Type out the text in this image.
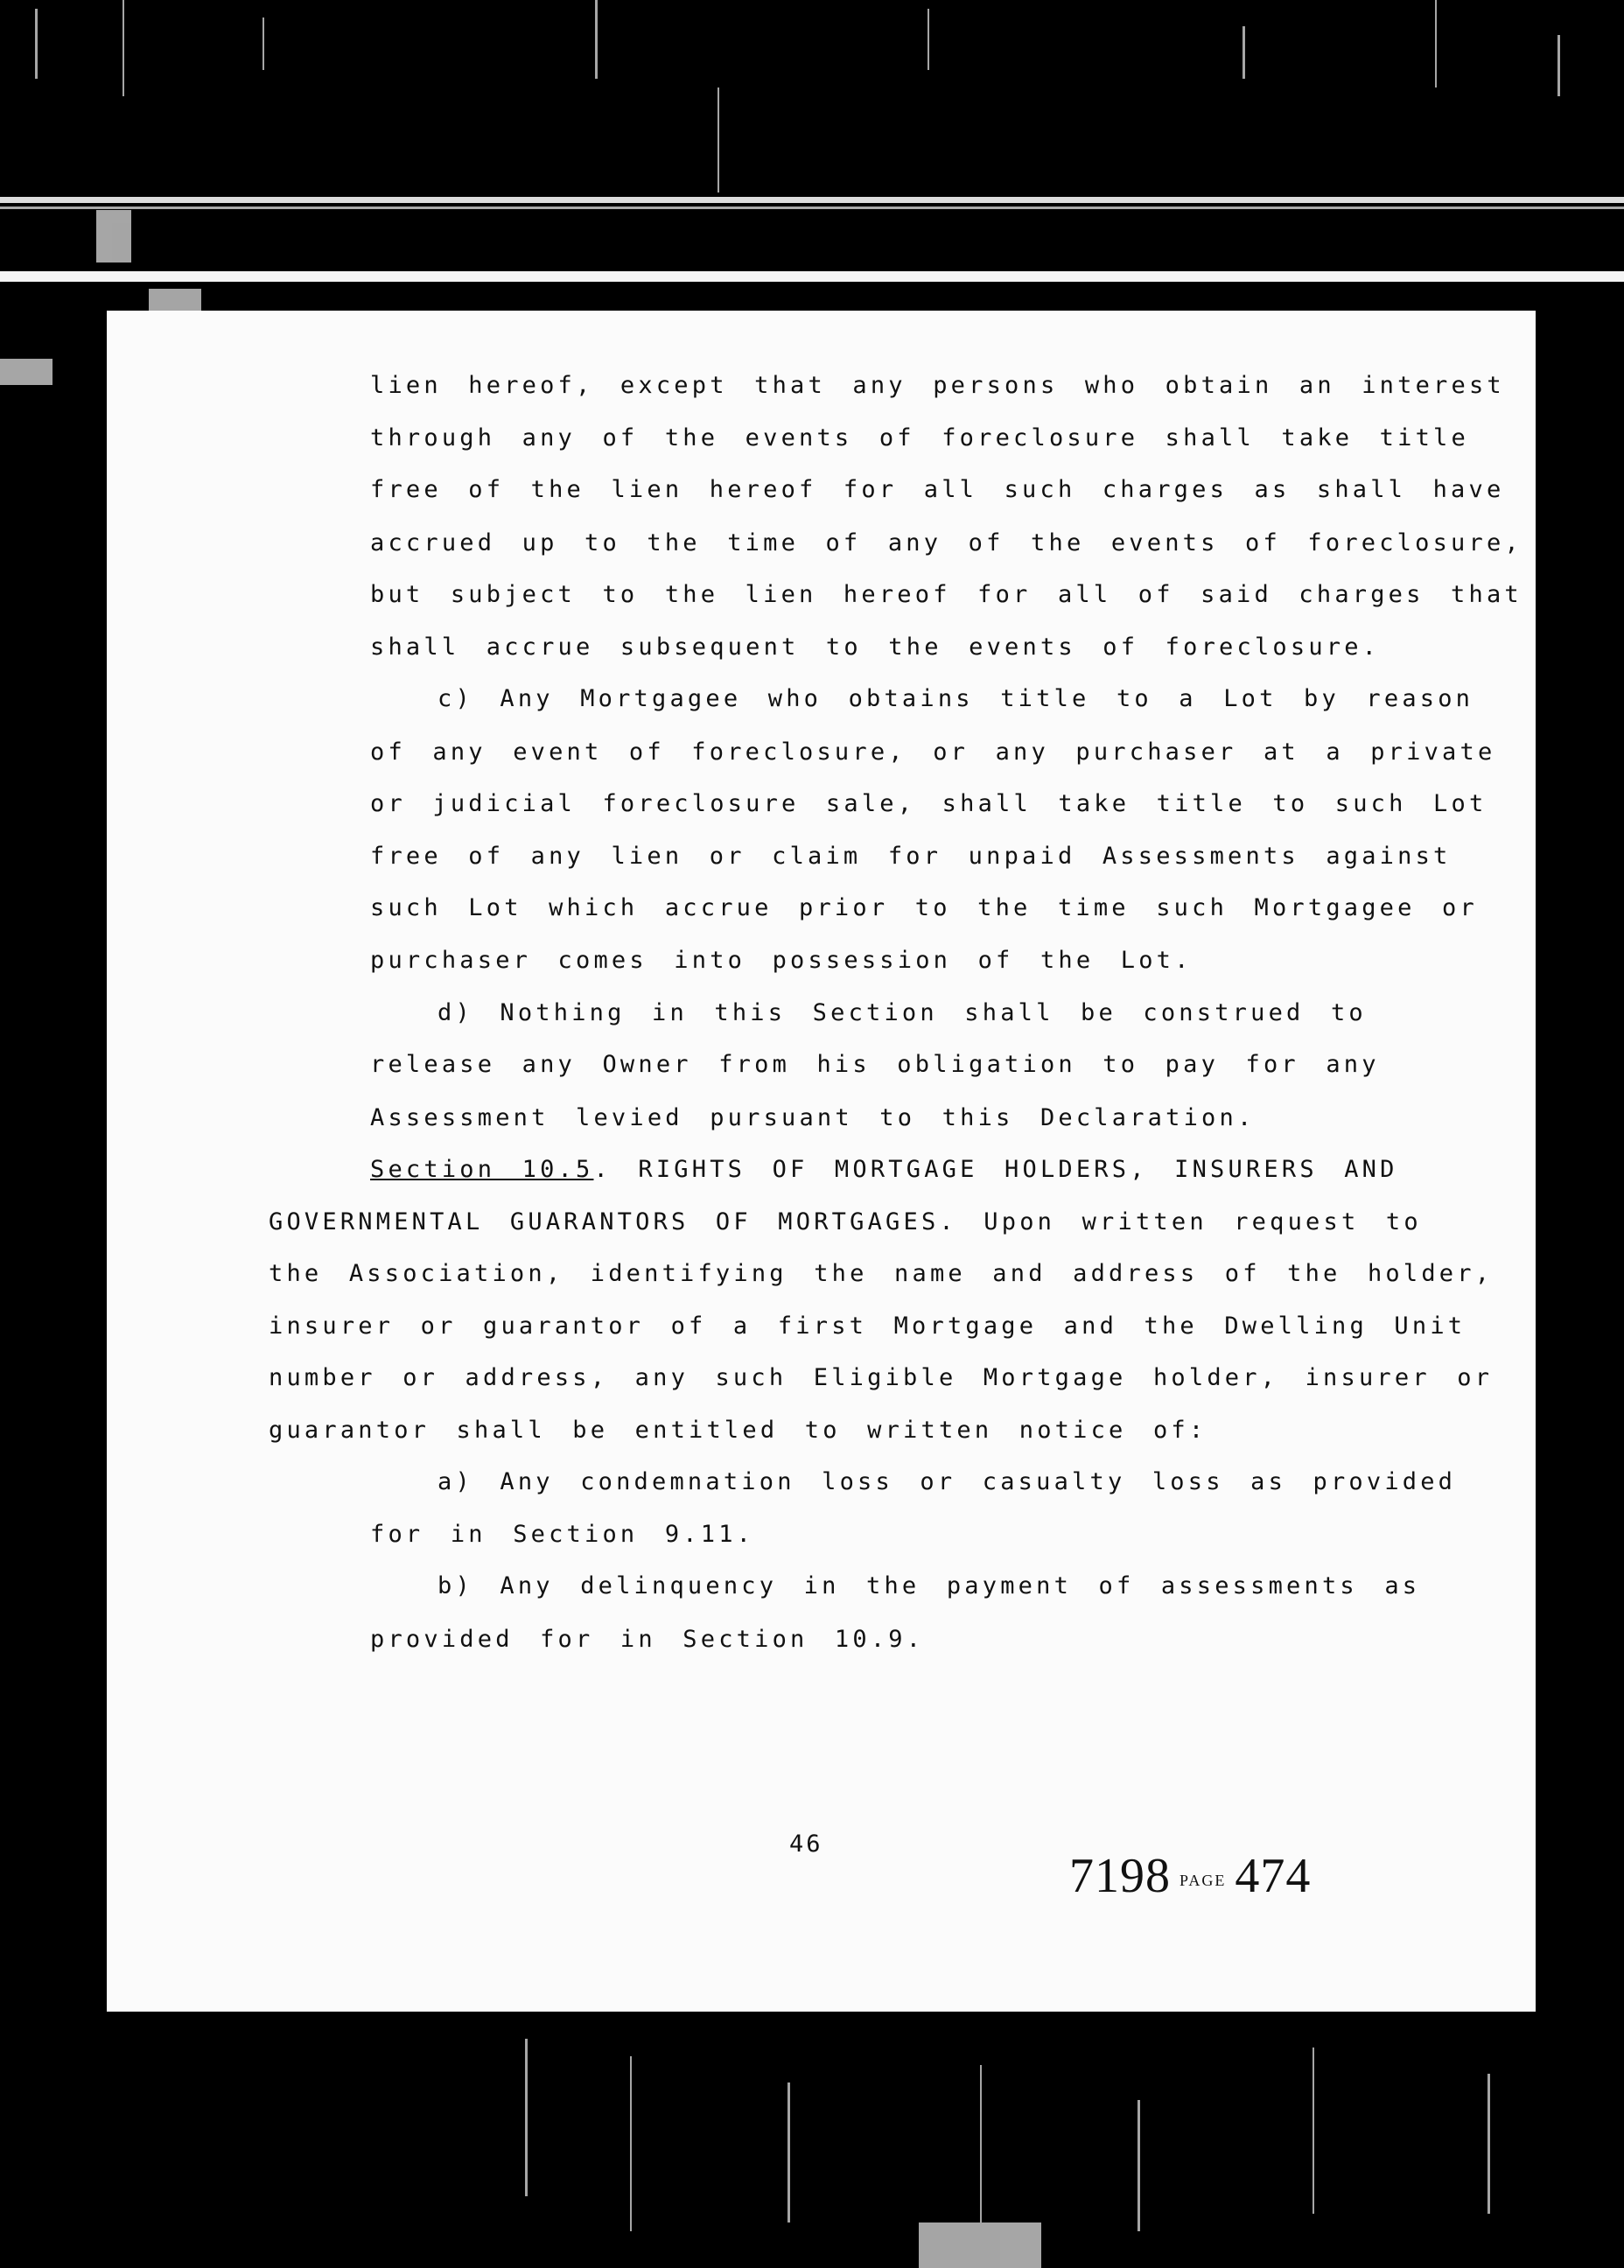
lien hereof, except that any persons who obtain an interest
through any of the events of foreclosure shall take title
free of the lien hereof for all such charges as shall have
accrued up to the time of any of the events of foreclosure,
but subject to the lien hereof for all of said charges that
shall accrue subsequent to the events of foreclosure.
c) Any Mortgagee who obtains title to a Lot by reason
of any event of foreclosure, or any purchaser at a private
or judicial foreclosure sale, shall take title to such Lot
free of any lien or claim for unpaid Assessments against
such Lot which accrue prior to the time such Mortgagee or
purchaser comes into possession of the Lot.
d) Nothing in this Section shall be construed to
release any Owner from his obligation to pay for any
Assessment levied pursuant to this Declaration.
Section 10.5. RIGHTS OF MORTGAGE HOLDERS, INSURERS AND
GOVERNMENTAL GUARANTORS OF MORTGAGES. Upon written request to
the Association, identifying the name and address of the holder,
insurer or guarantor of a first Mortgage and the Dwelling Unit
number or address, any such Eligible Mortgage holder, insurer or
guarantor shall be entitled to written notice of:
a) Any condemnation loss or casualty loss as provided
for in Section 9.11.
b) Any delinquency in the payment of assessments as
provided for in Section 10.9.
46
7198 PAGE 474
